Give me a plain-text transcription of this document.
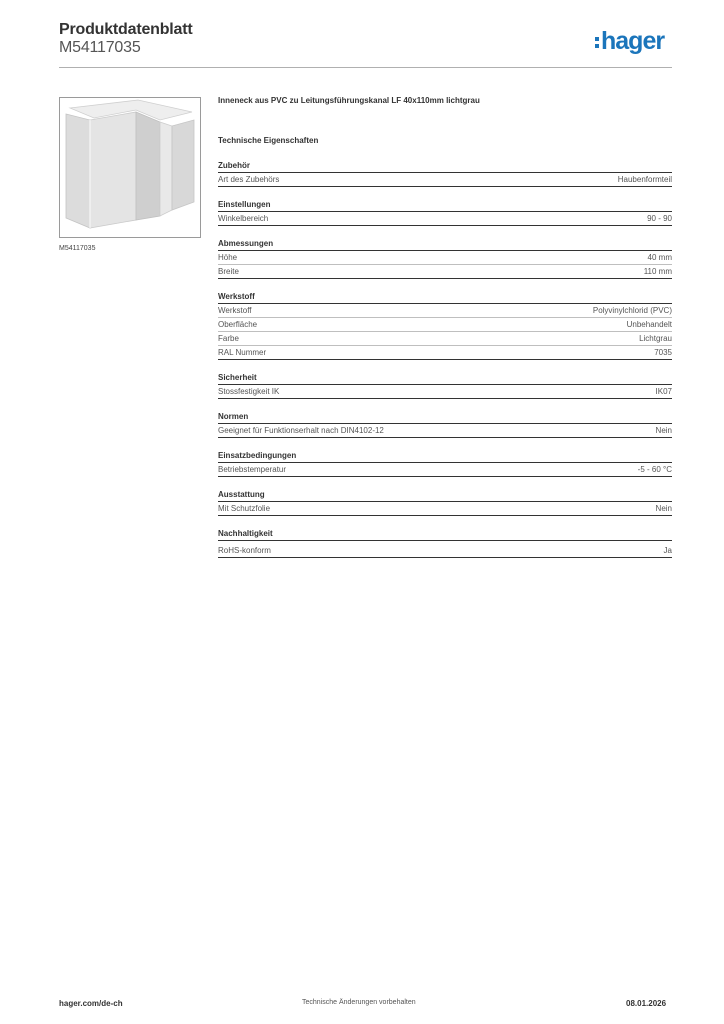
Produktdatenblatt
M54117035	hager
M54117035
Inneneck aus PVC zu Leitungsführungskanal LF 40x110mm lichtgrau
Technische Eigenschaften
Zubehör
Art des Zubehörs	Haubenformteil
Einstellungen
Winkelbereich	90 - 90
Abmessungen
Höhe	40 mm
Breite	110 mm
Werkstoff
Werkstoff	Polyvinylchlorid (PVC)
Oberfläche	Unbehandelt
Farbe	Lichtgrau
RAL Nummer	7035
Sicherheit
Stossfestigkeit IK	IK07
Normen
Geeignet für Funktionserhalt nach DIN4102-12	Nein
Einsatzbedingungen
Betriebstemperatur	-5 - 60 °C
Ausstattung
Mit Schutzfolie	Nein
Nachhaltigkeit
RoHS-konform	Ja
hager.com/de-ch	Technische Änderungen vorbehalten	08.01.2026
